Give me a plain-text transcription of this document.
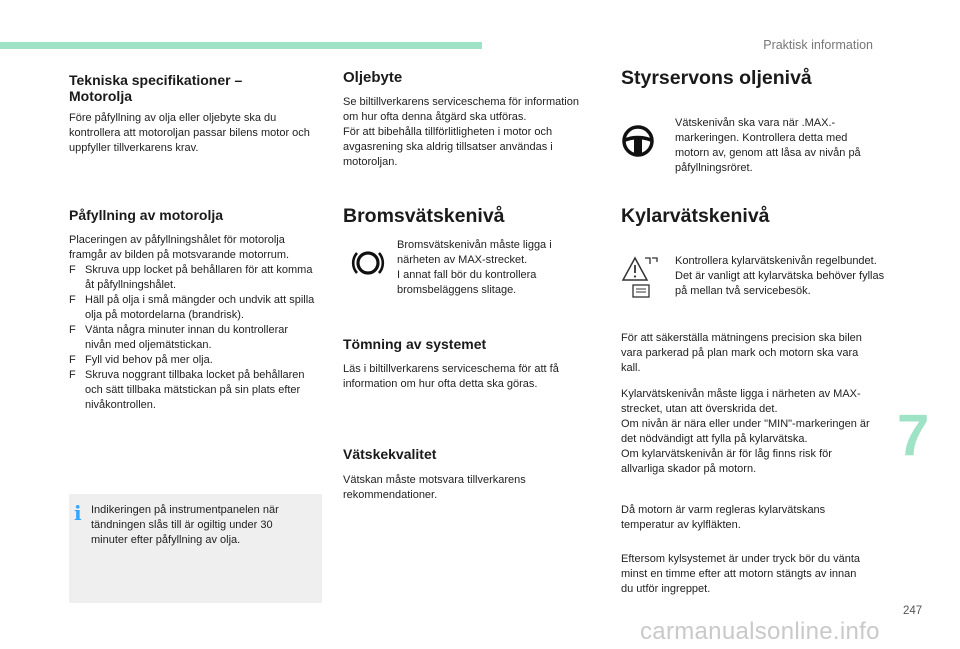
Praktisk information
Tekniska specifikationer – Motorolja
Före påfyllning av olja eller oljebyte ska du kontrollera att motoroljan passar bilens motor och uppfyller tillverkarens krav.
Påfyllning av motorolja
Placeringen av påfyllningshålet för motorolja framgår av bilden på motsvarande motorrum.
F Skruva upp locket på behållaren för att komma åt påfyllningshålet.
F Häll på olja i små mängder och undvik att spilla olja på motordelarna (brandrisk).
F Vänta några minuter innan du kontrollerar nivån med oljemätstickan.
F Fyll vid behov på mer olja.
F Skruva noggrant tillbaka locket på behållaren och sätt tillbaka mätstickan på sin plats efter nivåkontrollen.
i Indikeringen på instrumentpanelen när tändningen slås till är ogiltig under 30 minuter efter påfyllning av olja.
Oljebyte
Se biltillverkarens serviceschema för information om hur ofta denna åtgärd ska utföras.
För att bibehålla tillförlitligheten i motor och avgasrening ska aldrig tillsatser användas i motoroljan.
Bromsvätskenivå
Bromsvätskenivån måste ligga i närheten av MAX-strecket.
I annat fall bör du kontrollera bromsbeläggens slitage.
Tömning av systemet
Läs i biltillverkarens serviceschema för att få information om hur ofta detta ska göras.
Vätskekvalitet
Vätskan måste motsvara tillverkarens rekommendationer.
Styrservons oljenivå
Vätskenivån ska vara när .MAX.- markeringen. Kontrollera detta med motorn av, genom att låsa av nivån på påfyllningsröret.
Kylarvätskenivå
Kontrollera kylarvätskenivån regelbundet.
Det är vanligt att kylarvätska behöver fyllas på mellan två servicebesök.
För att säkerställa mätningens precision ska bilen vara parkerad på plan mark och motorn ska vara kall.
Kylarvätskenivån måste ligga i närheten av MAX-strecket, utan att överskrida det.
Om nivån är nära eller under "MIN"-markeringen är det nödvändigt att fylla på kylarvätska.
Om kylarvätskenivån är för låg finns risk för allvarliga skador på motorn.
Då motorn är varm regleras kylarvätskans temperatur av kylfläkten.
Eftersom kylsystemet är under tryck bör du vänta minst en timme efter att motorn stängts av innan du utför ingreppet.
7
247
carmanualsonline.info
